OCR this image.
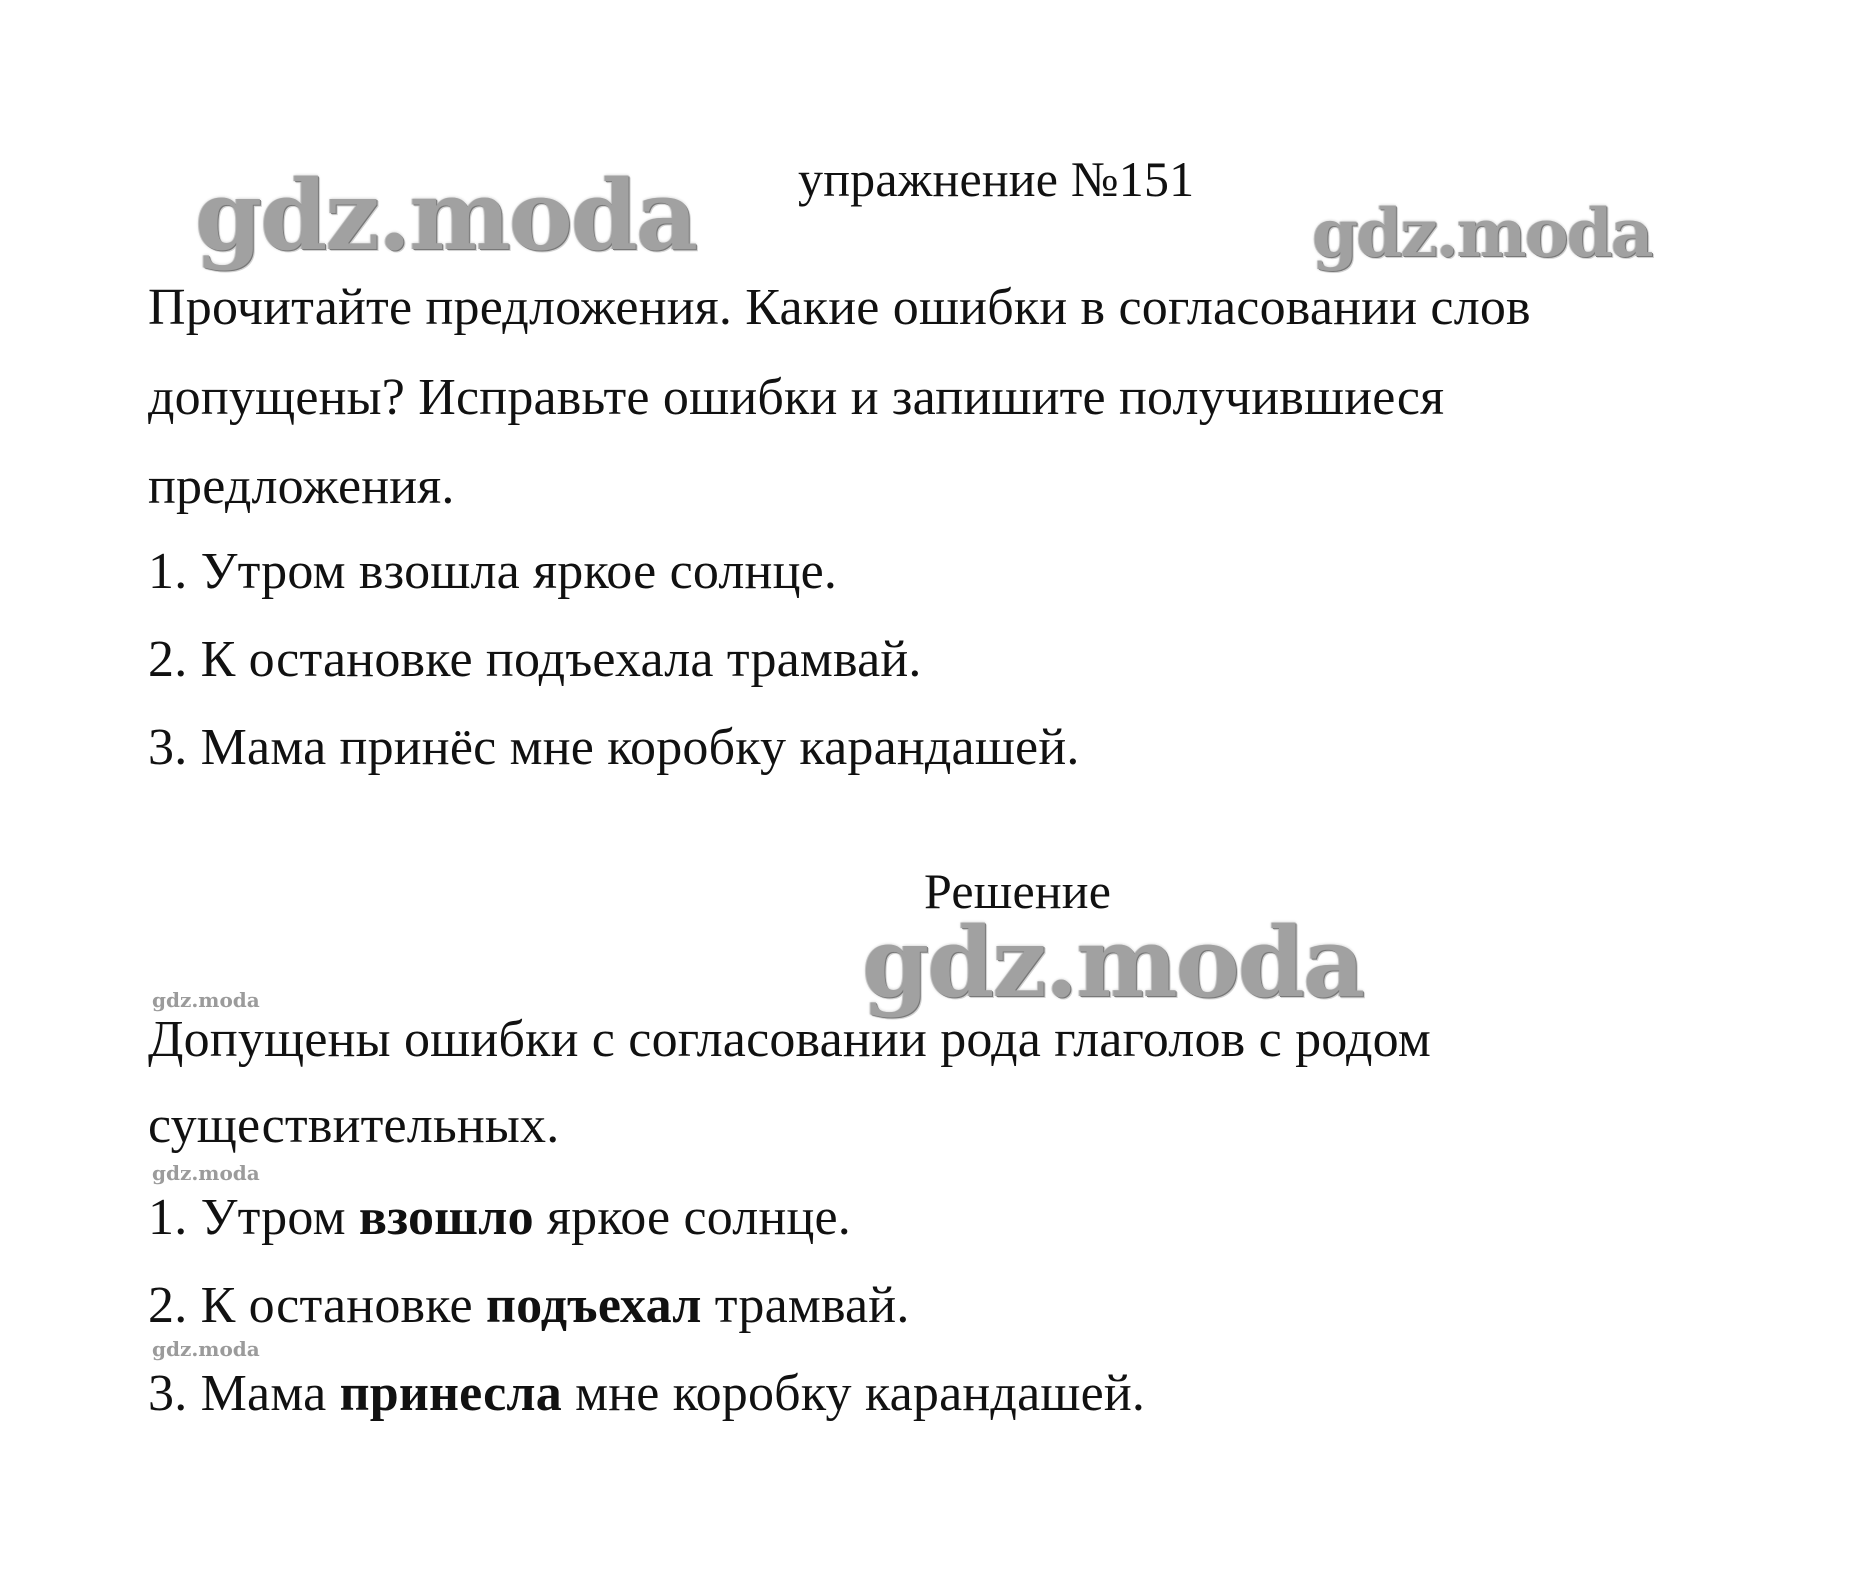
gdz.moda	gdz.moda
gdz.moda
gdz.moda
gdz.moda
gdz.moda
упражнение №151
Прочитайте предложения. Какие ошибки в согласовании слов
допущены? Исправьте ошибки и запишите получившиеся
предложения.
1. Утром взошла яркое солнце.
2. К остановке подъехала трамвай.
3. Мама принёс мне коробку карандашей.
Решение
Допущены ошибки с согласовании рода глаголов с родом
существительных.
1. Утром взошло яркое солнце.
2. К остановке подъехал трамвай.
3. Мама принесла мне коробку карандашей.
